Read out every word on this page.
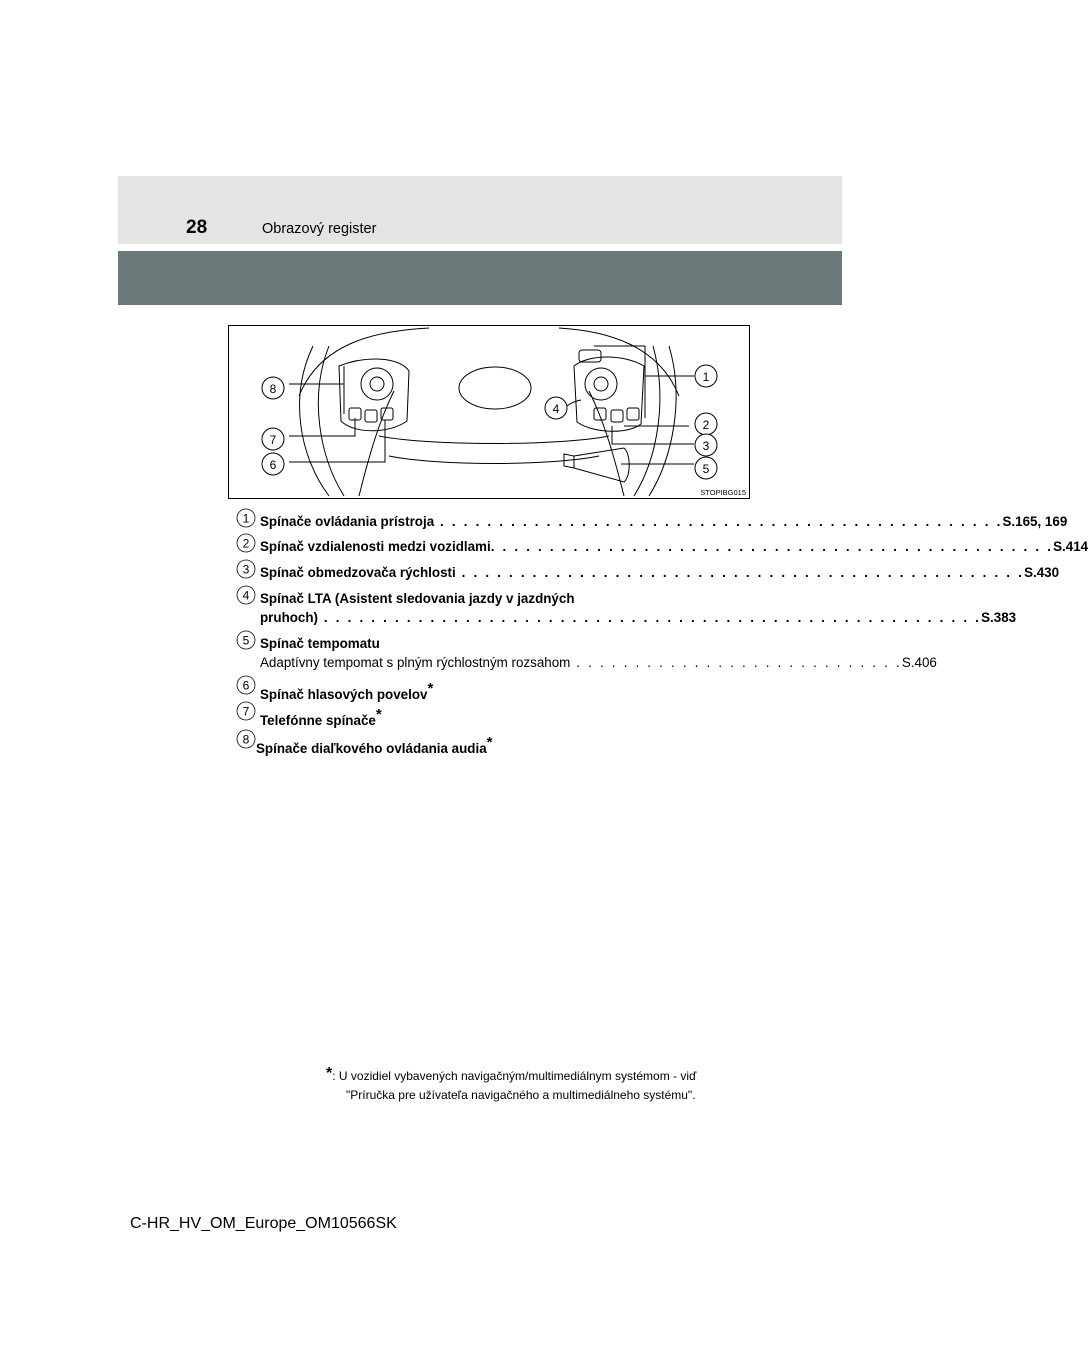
28	Obrazový register
1
2
3
4
5
6
7
8
STOPIBG015
1 Spínače ovládania prístroja . . . . . . . . . . . . . . . . . . . . . . . . . . . . . . . . . . . . . . . . . . . . . . . . S.165, 169
2 Spínač vzdialenosti medzi vozidlami . . . . . . . . . . . . . . . . . . . . . . . . . . . . . . . . . . . . . . . . . . . . . . . . S.414
3 Spínač obmedzovača rýchlosti . . . . . . . . . . . . . . . . . . . . . . . . . . . . . . . . . . . . . . . . . . . . . . . . S.430
4 Spínač LTA (Asistent sledovania jazdy v jazdných
pruhoch) . . . . . . . . . . . . . . . . . . . . . . . . . . . . . . . . . . . . . . . . . . . . . . . . . . . . . . . . S.383
5 Spínač tempomatu
Adaptívny tempomat s plným rýchlostným rozsahom . . . . . . . . . . . . . . . . . . . . . . . . . . . . S.406
6
Spínač hlasových povelov*
7
Telefónne spínače*
8
Spínače diaľkového ovládania audia*
*: U vozidiel vybavených navigačným/multimediálnym systémom - viď
"Príručka pre užívateľa navigačného a multimediálneho systému".
C-HR_HV_OM_Europe_OM10566SK
